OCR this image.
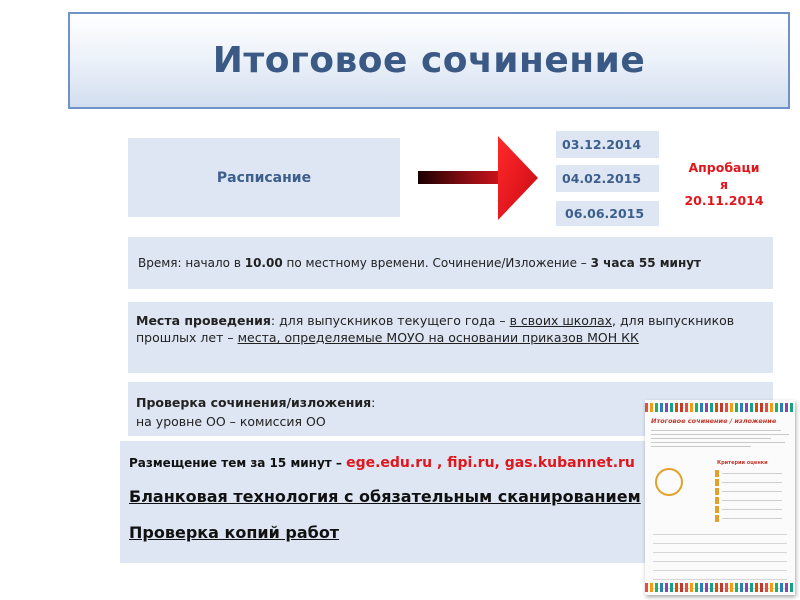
Итоговое сочинение
Расписание
03.12.2014
04.02.2015
06.06.2015
Апробаци
я
20.11.2014
Время: начало в 10.00 по местному времени. Сочинение/Изложение – 3 часа 55 минут
Места проведения: для выпускников текущего года – в своих школах, для выпускников прошлых лет – места, определяемые МОУО на основании приказов МОН КК
Проверка сочинения/изложения:
на уровне ОО – комиссия ОО
Размещение тем за 15 минут – ege.edu.ru , fipi.ru, gas.kubannet.ru
Бланковая технология с обязательным сканированием
Проверка копий работ
Итоговое сочинение / изложение
Критерии оценки
